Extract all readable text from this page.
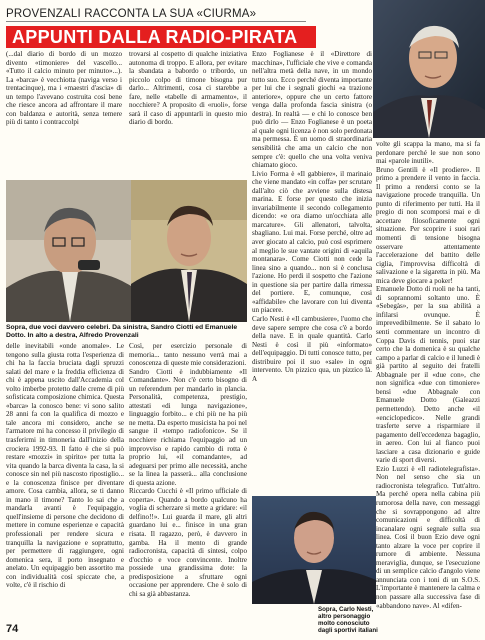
PROVENZALI RACCONTA LA SUA «CIURMA»
APPUNTI DALLA RADIO-PIRATA
(...dal diario di bordo di un mozzo divento «timoniere» del vascello... «Tutto il calcio minuto per minuto»...). La «barca» è vecchiotta (naviga verso i trentacinque), ma i «maestri d'ascia» di un tempo l'avevano costruita così bene che riesce ancora ad affrontare il mare con baldanza e autorità, senza temere più di tanto i contraccolpi
trovarsi al cospetto di qualche iniziativa autonoma di troppo. E allora, per evitare la sbandata a babordo o tribordo, un piccolo colpo di timone bisogna pur darlo... Altrimenti, cosa ci starebbe a fare, nelle «tabelle di armamento», il nocchiere? A proposito di «ruoli», forse sarà il caso di appuntarli in questo mio diario di bordo.
Enzo Foglianese è il «Direttore di macchina», l'ufficiale che vive e comanda nell'altra metà della nave, in un mondo tutto suo. Ecco perché diventa importante per lui che i segnali giochi «a trazione anteriore», oppure che un certo fattore venga dalla profonda fascia sinistra (o destra). In realtà — e chi lo conosce ben può dirlo — Enzo Foglianese è un poeta al quale ogni licenza è non solo perdonata ma permessa. È un uomo di straordinaria sensibilità che ama un calcio che non sempre c'è: quello che una volta veniva chiamato gioco.
Livio Forma è «Il gabbiere», il marinaio che viene mandato «in coffa» per scrutare dall'alto ciò che avviene sulla distesa marina. E forse per questo che inizia invariabilmente il secondo collegamento dicendo: «e ora diamo un'occhiata alle marcature». Gli allenatori, talvolta, sbagliano. Lui mai. Forse perché, oltre ad aver giocato al calcio, può così esprimere al meglio le sue vantate origini di «aquila montanara». Come Ciotti non cede la linea sino a quando... non si è conclusa l'azione. Ho perdi il sospetto che l'azione in questione sia per partire dalla rimessa del portiere. E, comunque, così «affidabile» che lavorare con lui diventa un piacere.
Carlo Nesti è «Il cambusiere», l'uomo che deve sapere sempre che cosa c'è a bordo della nave. E in quale quantità. Carlo Nesti è così il più «informato» dell'equipaggio. Di tutti conosce tutto, per distribuire poi il suo «sale» in ogni intervento. Un pizzico qua, un pizzico là. A
volte gli scappa la mano, ma si fa perdonare perché le sue non sono mai «parole inutili».
Bruno Gentili è «Il prodiere». Il primo a prendere il vento in faccia. Il primo a rendersi conto se la navigazione procede tranquilla. Un punto di riferimento per tutti. Ha il pregio di non scomporsi mai e di accettare filosoficamente ogni situazione. Per scoprire i suoi rari momenti di tensione bisogna osservare attentamente l'accelerazione del battito delle ciglia, l'improvvisa difficoltà di salivazione e la sigaretta in più. Ma mica deve giocare a poker!
Emanuele Dotto di ruoli ne ha tanti, di soprannomi soltanto uno. È «Sebegàs», per la sua abilità a infilarsi ovunque. È imprevedibilmente. Se il sabato lo senti commentare un incontro di Coppa Davis di tennis, puoi star certo che la domenica è su qualche campo a parlar di calcio e il lunedì è già partito al seguito dei fratelli Abbagnale per il «due con», che non significa «due con timoniere» bensì «due Abbagnale con Emanuele Dotto (Galeazzi permettendo). Detto anche «il «enciclopedico». Nelle grandi trasferte serve a risparmiare il pagamento dell'eccedenza bagaglio, in aereo. Con lui al fianco puoi lasciare a casa dizionario e guide varie di sport diversi.
Ezio Luzzi è «Il radiotelegrafista». Non nel senso che sia un radiocronista telegrafico. Tutt'altro. Ma perché opera nella cabina più rumorosa della nave, con messaggi che si sovrappongono ad altre comunicazioni e difficoltà di incanalare ogni segnale sulla sua linea. Così il buon Ezio deve ogni tanto alzare la voce per coprire il rumore di ambiente. Nessuna meraviglia, dunque, se l'esecuzione di un semplice calcio d'angolo viene annunciata con i toni di un S.O.S. L'importante è mantenere la calma e non passare alla successiva fase di «abbandono nave». Al «difen-
Sopra, due voci davvero celebri. Da sinistra, Sandro Ciotti ed Emanuele Dotto. In alto a destra, Alfredo Provenzali
delle inevitabili «onde anomale». Le tengono sulla giusta rotta l'esperienza di chi ha la faccia bruciata dagli spruzzi salati del mare e la freddia efficienza di chi è appena uscito dall'Accademia col volto imberbe protetto dalle creme di più sofisticata composizione chimica. Questa «barca» la conosco bene: vi sono salito 28 anni fa con la qualifica di mozzo e tale ancora mi considero, anche se l'armatore mi ha concesso il privilegio di trasferirmi in timoneria dall'inizio della crociera 1992-93. Il fatto è che si può restare «mozzi» in spirito» per tutta la vita quando la barca diventa la casa, la si conosce sin nel più nascosto ripostiglio... e la conoscenza finisce per diventare amore. Cosa cambia, allora, se ti danno in mano il timone? Tanto lo sai che a mandarla avanti è l'equipaggio, quell'insieme di persone che decidono di mettere in comune esperienze e capacità professionali per rendere sicura e tranquilla la navigazione e soprattutto, per permettere di raggiungere, ogni domenica sera, il porto insegnato e anelato. Un equipaggio ben assortito ma con individualità così spiccate che, a volte, c'è il rischio di
Così, per esercizio personale di memoria... tanto nessuno verrà mai a conoscenza di queste mie considerazioni.
Sandro Ciotti è indubbiamente «Il Comandante». Non c'è certo bisogno di un referendum per mandarlo in plancia. Personalità, competenza, prestigio, attestati «di lunga navigazione», linguaggio forbito... e chi più ne ha più ne metta. Da esperto musicista ha poi nel sangue il «tempo radiofonico». Se il nocchiere richiama l'equipaggio ad un improvviso e rapido cambio di rotta è proprio lui, «il comandante», ad adeguarsi per primo alle necessità, anche se la linea la passerà... alla conclusione di questa azione.
Riccardo Cucchi è «Il primo ufficiale di coperta». Quando a bordo qualcuno ha voglia di scherzare si mette a gridare: «il delfino!!». Lui guarda il mare, gli altri guardano lui e... finisce in una gran risata. Il ragazzo, però, è davvero in gamba. Ha il mento di grande radiocronista, capacità di sintesi, colpo d'occhio e voce convincente. Inoltre possiede una grandissima dote: la predisposizione a sfruttare ogni occasione per apprendere. Che è solo di chi sa già abbastanza.
Sopra, Carlo Nesti, altro personaggio molto conosciuto dagli sportivi italiani
74
